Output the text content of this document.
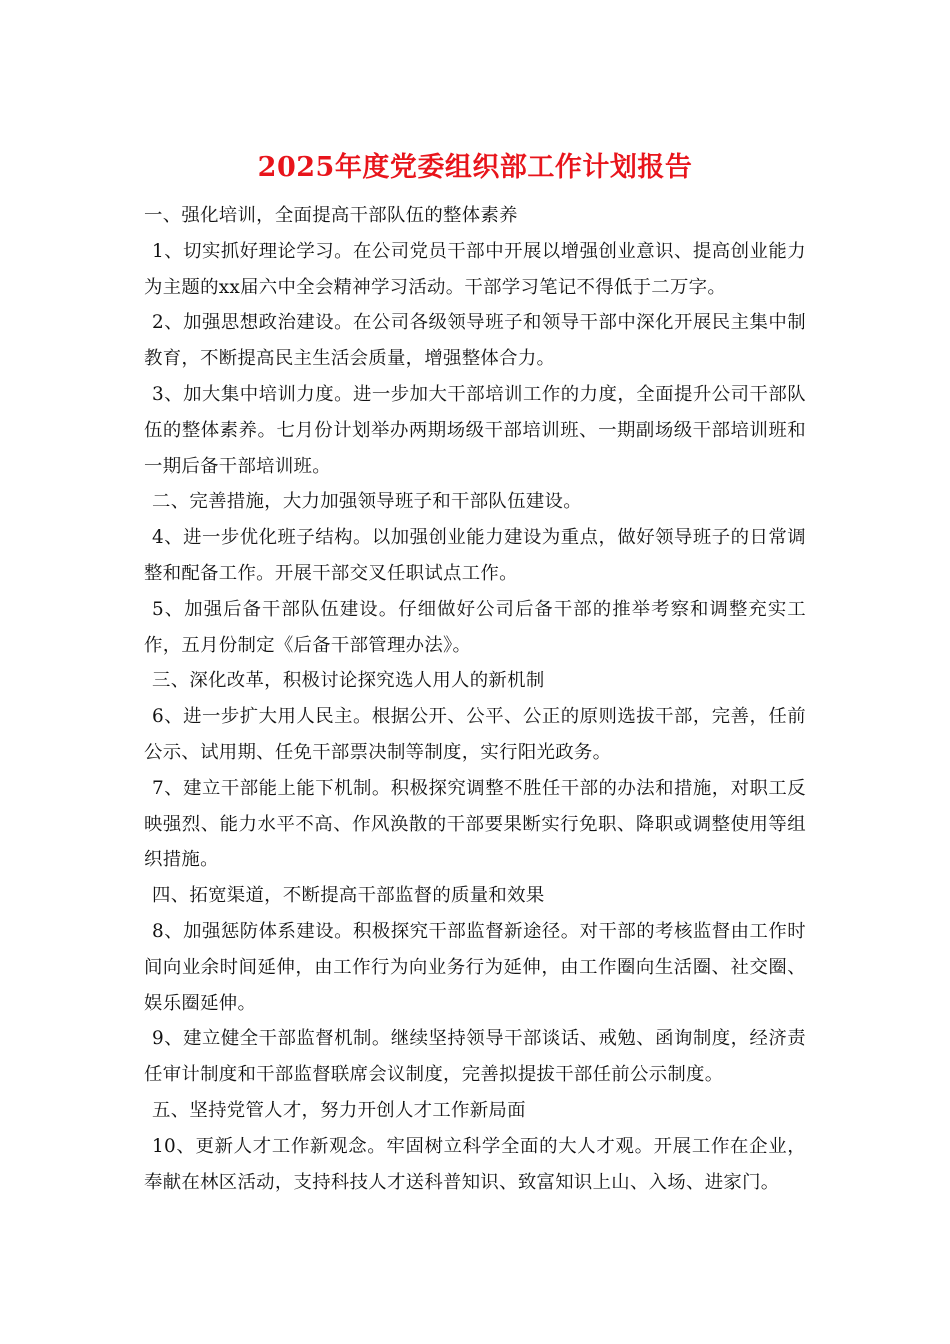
2025年度党委组织部工作计划报告

一、强化培训，全面提高干部队伍的整体素养

1、切实抓好理论学习。在公司党员干部中开展以增强创业意识、提高创业能力为主题的xx届六中全会精神学习活动。干部学习笔记不得低于二万字。

2、加强思想政治建设。在公司各级领导班子和领导干部中深化开展民主集中制教育，不断提高民主生活会质量，增强整体合力。

3、加大集中培训力度。进一步加大干部培训工作的力度，全面提升公司干部队伍的整体素养。七月份计划举办两期场级干部培训班、一期副场级干部培训班和一期后备干部培训班。

二、完善措施，大力加强领导班子和干部队伍建设。

4、进一步优化班子结构。以加强创业能力建设为重点，做好领导班子的日常调整和配备工作。开展干部交叉任职试点工作。

5、加强后备干部队伍建设。仔细做好公司后备干部的推举考察和调整充实工作，五月份制定《后备干部管理办法》。

三、深化改革，积极讨论探究选人用人的新机制

6、进一步扩大用人民主。根据公开、公平、公正的原则选拔干部，完善，任前公示、试用期、任免干部票决制等制度，实行阳光政务。

7、建立干部能上能下机制。积极探究调整不胜任干部的办法和措施，对职工反映强烈、能力水平不高、作风涣散的干部要果断实行免职、降职或调整使用等组织措施。

四、拓宽渠道，不断提高干部监督的质量和效果

8、加强惩防体系建设。积极探究干部监督新途径。对干部的考核监督由工作时间向业余时间延伸，由工作行为向业务行为延伸，由工作圈向生活圈、社交圈、娱乐圈延伸。

9、建立健全干部监督机制。继续坚持领导干部谈话、戒勉、函询制度，经济责任审计制度和干部监督联席会议制度，完善拟提拔干部任前公示制度。

五、坚持党管人才，努力开创人才工作新局面

10、更新人才工作新观念。牢固树立科学全面的大人才观。开展工作在企业，奉献在林区活动，支持科技人才送科普知识、致富知识上山、入场、进家门。
